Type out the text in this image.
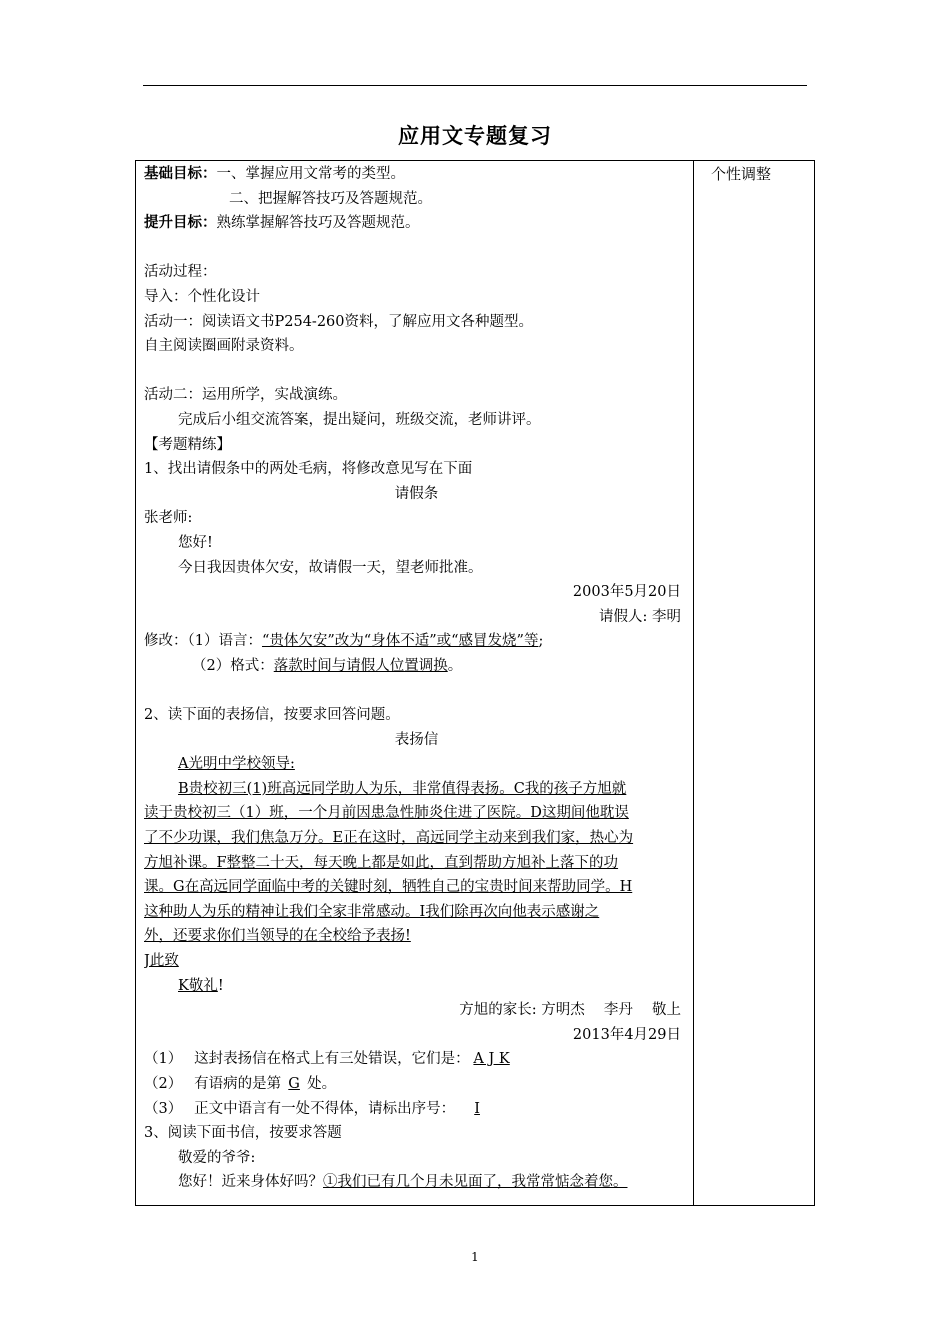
应用文专题复习
个性调整
基础目标：一、掌握应用文常考的类型。
二、把握解答技巧及答题规范。
提升目标：熟练掌握解答技巧及答题规范。
活动过程：
导入：个性化设计
活动一：阅读语文书P254-260资料，了解应用文各种题型。
自主阅读圈画附录资料。
活动二：运用所学，实战演练。
完成后小组交流答案，提出疑问，班级交流，老师讲评。
【考题精练】
1、找出请假条中的两处毛病，将修改意见写在下面
请假条
张老师:
您好!
今日我因贵体欠安，故请假一天，望老师批准。
2003年5月20日
请假人: 李明
修改：（1）语言：“贵体欠安”改为“身体不适”或“感冒发烧”等;
（2）格式：落款时间与请假人位置调换。
2、读下面的表扬信，按要求回答问题。
表扬信
A光明中学校领导:
B贵校初三(1)班高远同学助人为乐，非常值得表扬。C我的孩子方旭就
读于贵校初三（1）班，一个月前因患急性肺炎住进了医院。D这期间他耽误
了不少功课，我们焦急万分。E正在这时，高远同学主动来到我们家，热心为
方旭补课。F整整二十天，每天晚上都是如此，直到帮助方旭补上落下的功
课。G在高远同学面临中考的关键时刻，牺牲自己的宝贵时间来帮助同学。H
这种助人为乐的精神让我们全家非常感动。Ⅰ我们除再次向他表示感谢之
外，还要求你们当领导的在全校给予表扬!
J此致
K敬礼!
方旭的家长: 方明杰　 李丹　 敬上
2013年4月29日
（1）　 这封表扬信在格式上有三处错误，它们是： A J K
（2）　 有语病的是第 G 处。
（3）　 正文中语言有一处不得体，请标出序号： I
3、阅读下面书信，按要求答题
敬爱的爷爷:
您好！近来身体好吗？①我们已有几个月未见面了，我常常惦念着您。
1
